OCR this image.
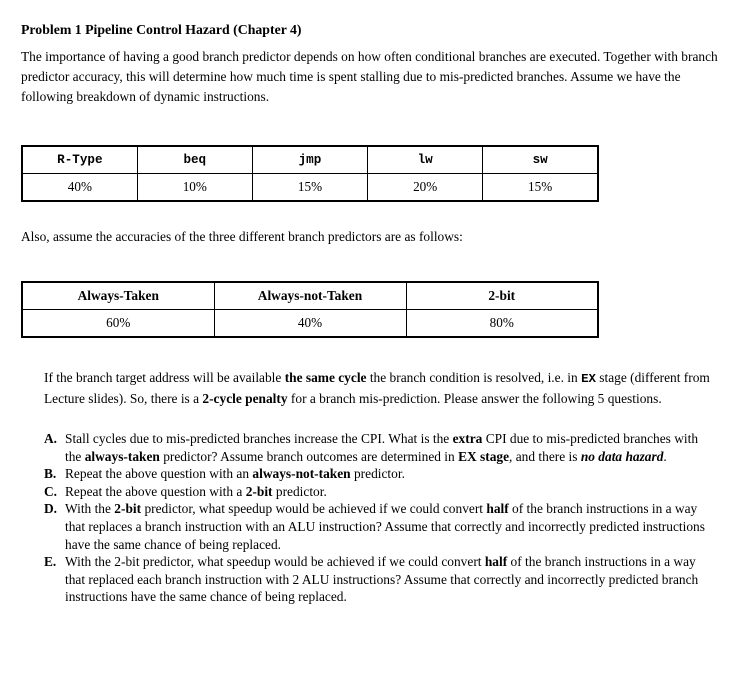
Problem 1 Pipeline Control Hazard (Chapter 4)

The importance of having a good branch predictor depends on how often conditional branches are executed. Together with branch predictor accuracy, this will determine how much time is spent stalling due to mis-predicted branches. Assume we have the following breakdown of dynamic instructions.

R-Type	beq	jmp	lw	sw
40%	10%	15%	20%	15%

Also, assume the accuracies of the three different branch predictors are as follows:

Always-Taken	Always-not-Taken	2-bit
60%	40%	80%

If the branch target address will be available the same cycle the branch condition is resolved, i.e. in EX stage (different from Lecture slides). So, there is a 2-cycle penalty for a branch mis-prediction. Please answer the following 5 questions.

A. Stall cycles due to mis-predicted branches increase the CPI. What is the extra CPI due to mis-predicted branches with the always-taken predictor? Assume branch outcomes are determined in EX stage, and there is no data hazard.
B. Repeat the above question with an always-not-taken predictor.
C. Repeat the above question with a 2-bit predictor.
D. With the 2-bit predictor, what speedup would be achieved if we could convert half of the branch instructions in a way that replaces a branch instruction with an ALU instruction? Assume that correctly and incorrectly predicted instructions have the same chance of being replaced.
E. With the 2-bit predictor, what speedup would be achieved if we could convert half of the branch instructions in a way that replaced each branch instruction with 2 ALU instructions? Assume that correctly and incorrectly predicted branch instructions have the same chance of being replaced.
